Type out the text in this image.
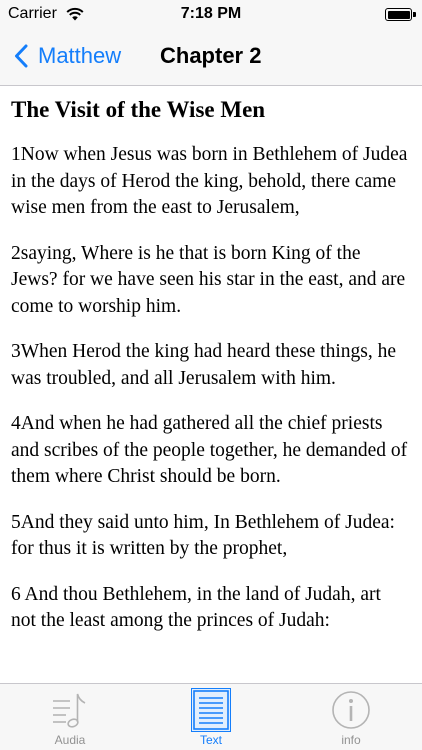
Carrier	7:18 PM
Matthew Chapter 2
The Visit of the Wise Men

1Now when Jesus was born in Bethlehem of Judea in the days of Herod the king, behold, there came wise men from the east to Jerusalem,

2saying, Where is he that is born King of the Jews? for we have seen his star in the east, and are come to worship him.

3When Herod the king had heard these things, he was troubled, and all Jerusalem with him.

4And when he had gathered all the chief priests and scribes of the people together, he demanded of them where Christ should be born.

5And they said unto him, In Bethlehem of Judea: for thus it is written by the prophet,

6 And thou Bethlehem, in the land of Judah, art not the least among the princes of Judah:

Audia	Text	info
